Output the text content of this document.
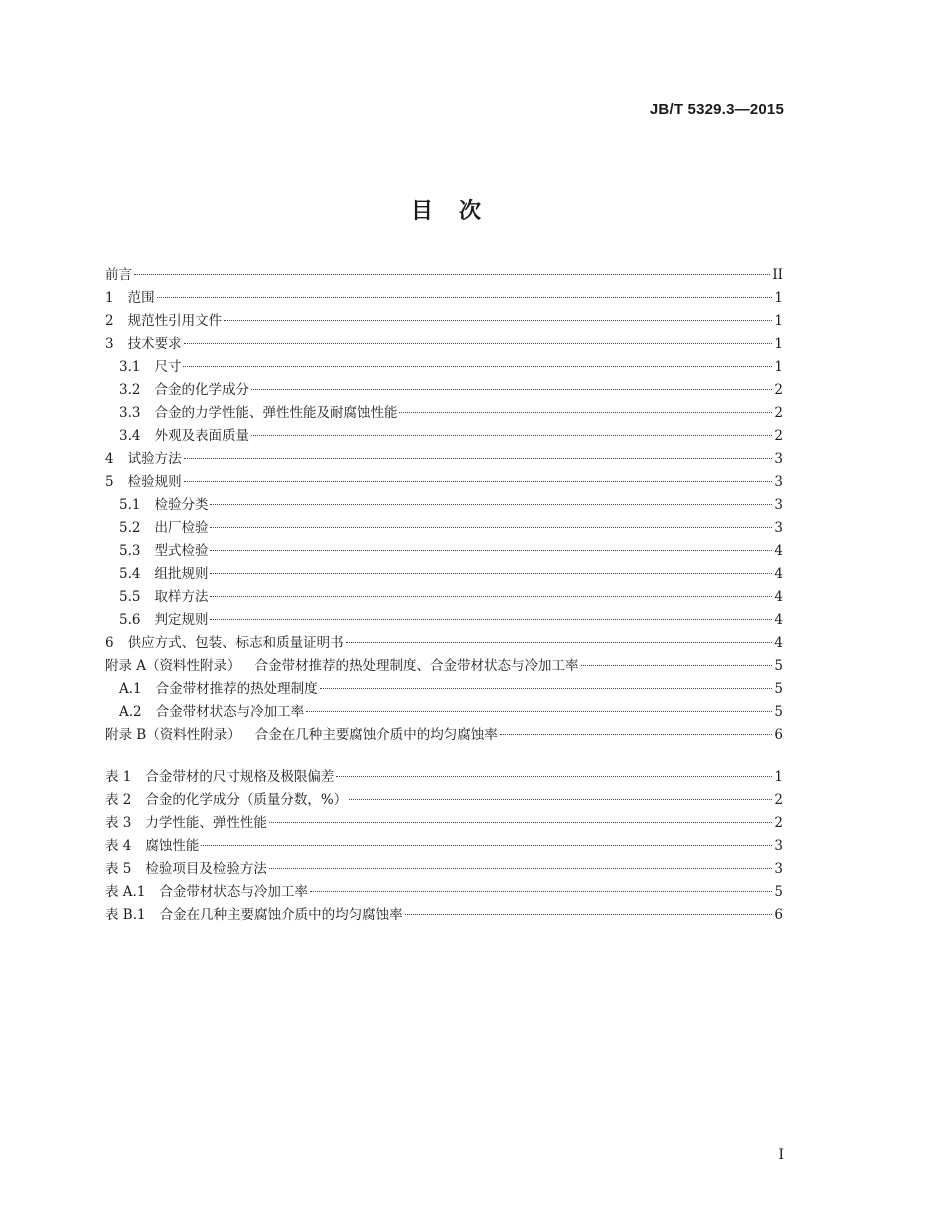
JB/T 5329.3—2015
目　次
前言	II
1	范围	1
2	规范性引用文件	1
3	技术要求	1
3.1	尺寸	1
3.2	合金的化学成分	2
3.3	合金的力学性能、弹性性能及耐腐蚀性能	2
3.4	外观及表面质量	2
4	试验方法	3
5	检验规则	3
5.1	检验分类	3
5.2	出厂检验	3
5.3	型式检验	4
5.4	组批规则	4
5.5	取样方法	4
5.6	判定规则	4
6	供应方式、包装、标志和质量证明书	4
附录 A（资料性附录）	合金带材推荐的热处理制度、合金带材状态与冷加工率	5
A.1	合金带材推荐的热处理制度	5
A.2	合金带材状态与冷加工率	5
附录 B（资料性附录）	合金在几种主要腐蚀介质中的均匀腐蚀率	6
表 1	合金带材的尺寸规格及极限偏差	1
表 2	合金的化学成分（质量分数，%）	2
表 3	力学性能、弹性性能	2
表 4	腐蚀性能	3
表 5	检验项目及检验方法	3
表 A.1	合金带材状态与冷加工率	5
表 B.1	合金在几种主要腐蚀介质中的均匀腐蚀率	6
I
